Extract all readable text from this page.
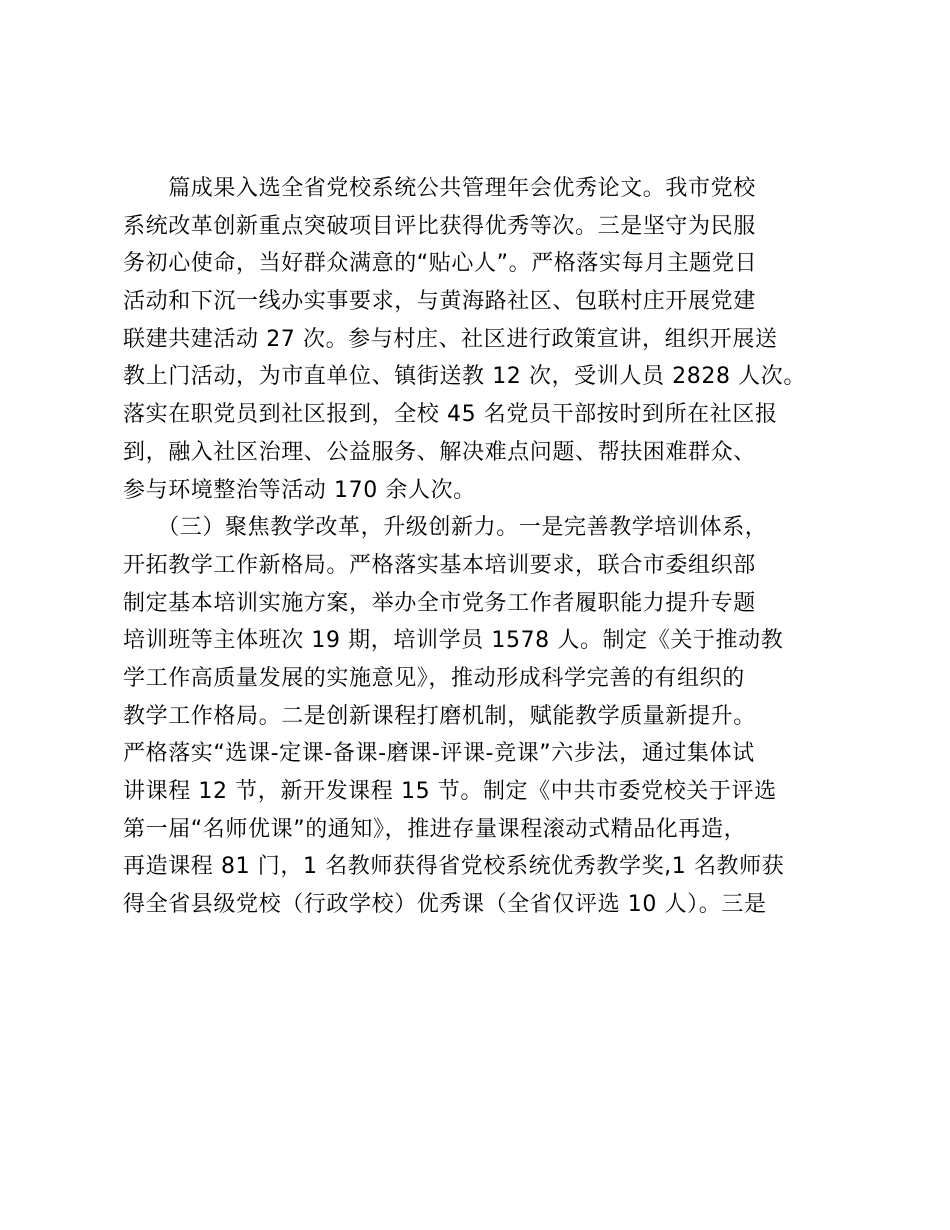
　　篇成果入选全省党校系统公共管理年会优秀论文。我市党校
系统改革创新重点突破项目评比获得优秀等次。三是坚守为民服
务初心使命，当好群众满意的“贴心人”。严格落实每月主题党日
活动和下沉一线办实事要求，与黄海路社区、包联村庄开展党建
联建共建活动 27 次。参与村庄、社区进行政策宣讲，组织开展送
教上门活动，为市直单位、镇街送教 12 次，受训人员 2828 人次。
落实在职党员到社区报到，全校 45 名党员干部按时到所在社区报
到，融入社区治理、公益服务、解决难点问题、帮扶困难群众、
参与环境整治等活动 170 余人次。
　　（三）聚焦教学改革，升级创新力。一是完善教学培训体系，
开拓教学工作新格局。严格落实基本培训要求，联合市委组织部
制定基本培训实施方案，举办全市党务工作者履职能力提升专题
培训班等主体班次 19 期，培训学员 1578 人。制定《关于推动教
学工作高质量发展的实施意见》，推动形成科学完善的有组织的
教学工作格局。二是创新课程打磨机制，赋能教学质量新提升。
严格落实“选课-定课-备课-磨课-评课-竞课”六步法，通过集体试
讲课程 12 节，新开发课程 15 节。制定《中共市委党校关于评选
第一届“名师优课”的通知》，推进存量课程滚动式精品化再造，
再造课程 81 门，1 名教师获得省党校系统优秀教学奖,1 名教师获
得全省县级党校（行政学校）优秀课（全省仅评选 10 人）。三是
